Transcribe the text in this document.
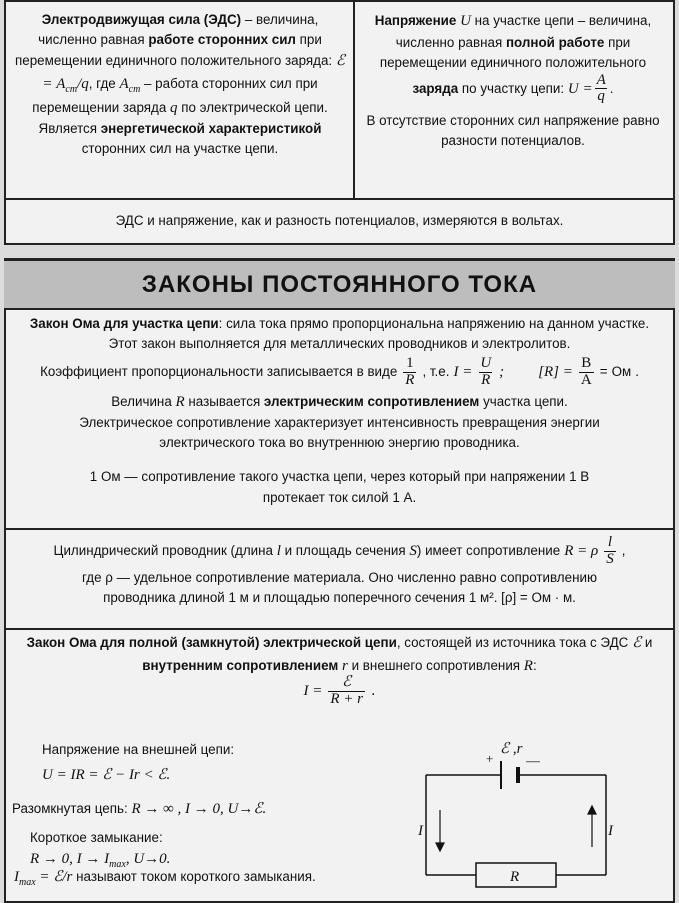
Электродвижущая сила (ЭДС) – величина, численно равная работе сторонних сил при перемещении единичного положительного заряда: ℰ = $A_{ст}/q$, где $A_{ст}$ – работа сторонних сил при перемещении заряда q по электрической цепи.
Является энергетической характеристикой сторонних сил на участке цепи.
Напряжение U на участке цепи – величина, численно равная полной работе при перемещении единичного положительного заряда по участку цепи: $U = \frac{A}{q}$ .
В отсутствие сторонних сил напряжение равно разности потенциалов.
ЭДС и напряжение, как и разность потенциалов, измеряются в вольтах.
ЗАКОНЫ ПОСТОЯННОГО ТОКА
Закон Ома для участка цепи: сила тока прямо пропорциональна напряжению на данном участке. Этот закон выполняется для металлических проводников и электролитов.
Коэффициент пропорциональности записывается в виде $\frac{1}{R}$ , т.е. $I = \frac{U}{R}$ ; $[R] = \frac{В}{А}$ = Ом .
Величина R называется электрическим сопротивлением участка цепи.
Электрическое сопротивление характеризует интенсивность превращения энергии электрического тока во внутреннюю энергию проводника.
1 Ом — сопротивление такого участка цепи, через который при напряжении 1 В протекает ток силой 1 А.
Цилиндрический проводник (длина l и площадь сечения S) имеет сопротивление R = ρ $\frac{l}{S}$ ,
где ρ — удельное сопротивление материала. Оно численно равно сопротивлению проводника длиной 1 м и площадью поперечного сечения 1 м². [ρ] = Ом · м.
Закон Ома для полной (замкнутой) электрической цепи, состоящей из источника тока с ЭДС ℰ и внутренним сопротивлением r и внешнего сопротивления R:
$I = \frac{\text{ℰ}}{R + r}$ .
Напряжение на внешней цепи:
U = IR = ℰ − Ir < ℰ.
Разомкнутая цепь: R → ∞ , I → 0, U→ℰ.
Короткое замыкание:
R → 0, $I \to I_{max}$, U→0.
$I_{max}$ = ℰ/r называют током короткого замыкания.
+ —
ℰ ,r
I	I
R
